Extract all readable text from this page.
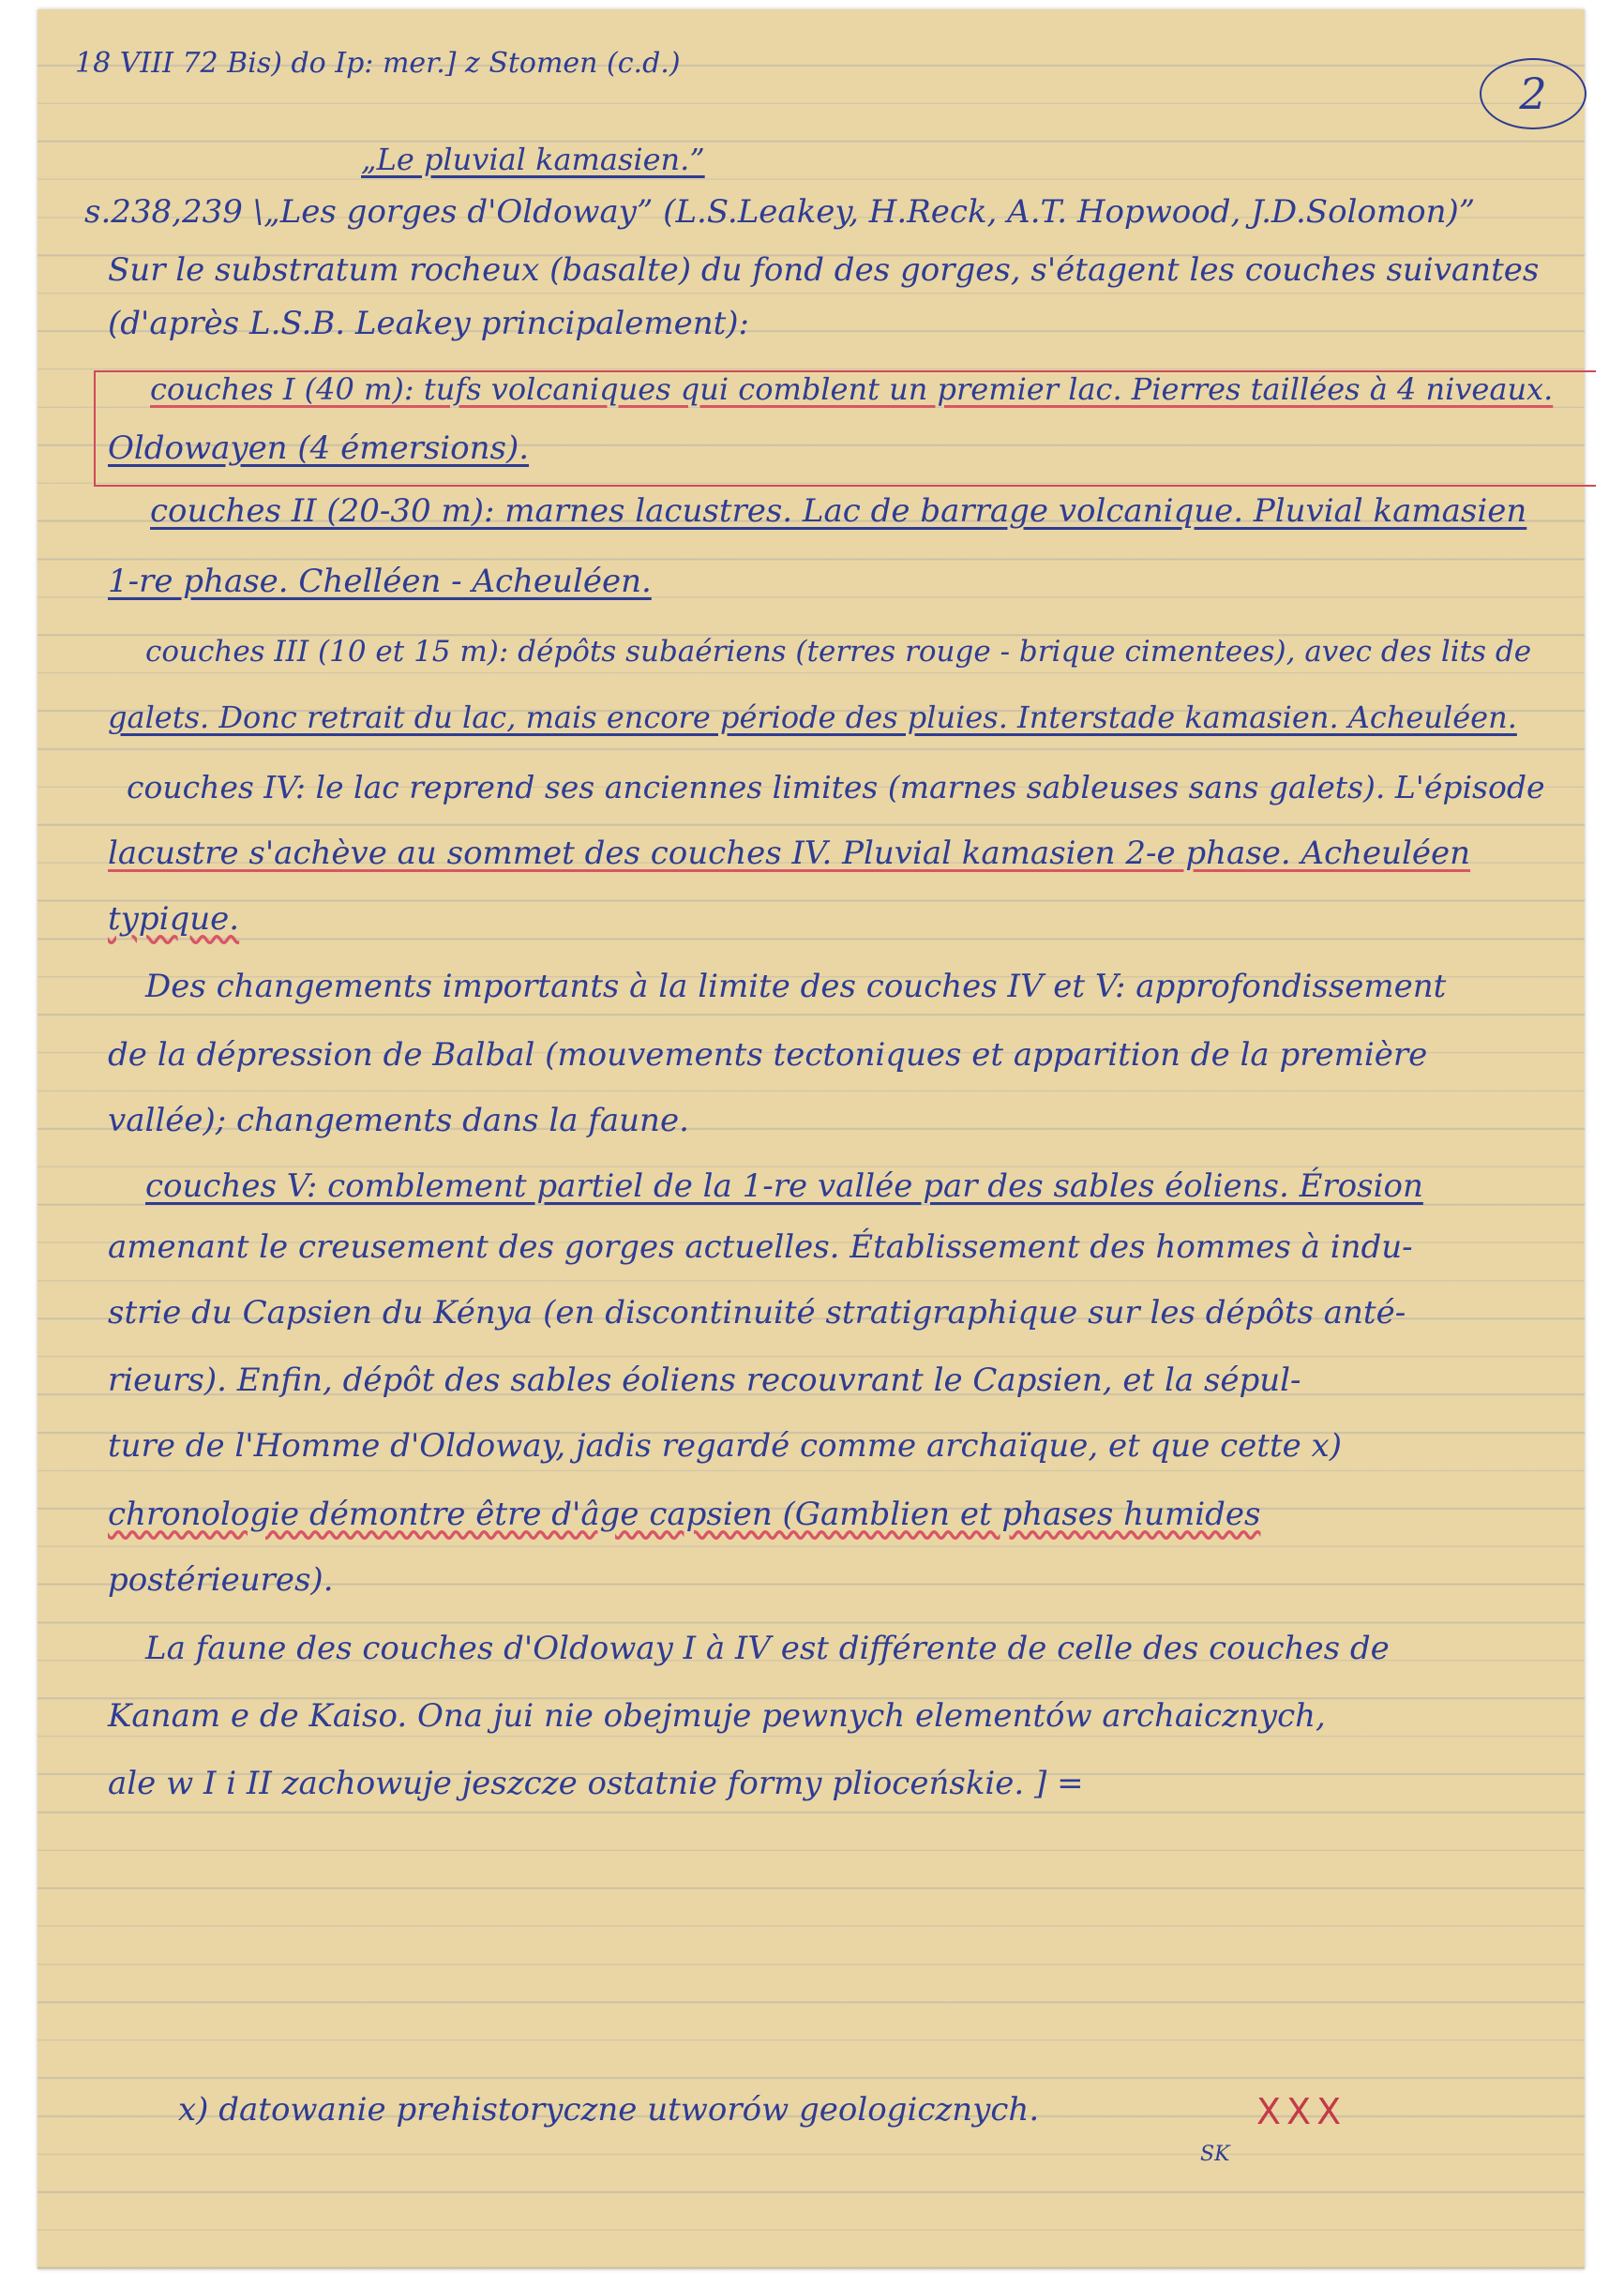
18 VIII 72 Bis) do Ip: mer.] z Stomen (c.d.)
2
„Le pluvial kamasien.”
s.238,239 \„Les gorges d'Oldoway” (L.S.Leakey, H.Reck, A.T. Hopwood, J.D.Solomon)”
Sur le substratum rocheux (basalte) du fond des gorges, s'étagent les couches suivantes
(d'après L.S.B. Leakey principalement):
couches I (40 m): tufs volcaniques qui comblent un premier lac. Pierres taillées à 4 niveaux.
Oldowayen (4 émersions).
couches II (20-30 m): marnes lacustres. Lac de barrage volcanique. Pluvial kamasien
1-re phase. Chelléen - Acheuléen.
couches III (10 et 15 m): dépôts subaériens (terres rouge - brique cimentees), avec des lits de
galets. Donc retrait du lac, mais encore période des pluies. Interstade kamasien. Acheuléen.
couches IV: le lac reprend ses anciennes limites (marnes sableuses sans galets). L'épisode
lacustre s'achève au sommet des couches IV. Pluvial kamasien 2-e phase. Acheuléen
typique.
Des changements importants à la limite des couches IV et V: approfondissement
de la dépression de Balbal (mouvements tectoniques et apparition de la première
vallée); changements dans la faune.
couches V: comblement partiel de la 1-re vallée par des sables éoliens. Érosion
amenant le creusement des gorges actuelles. Établissement des hommes à indu-
strie du Capsien du Kénya (en discontinuité stratigraphique sur les dépôts anté-
rieurs). Enfin, dépôt des sables éoliens recouvrant le Capsien, et la sépul-
ture de l'Homme d'Oldoway, jadis regardé comme archaïque, et que cette x)
chronologie démontre être d'âge capsien (Gamblien et phases humides
postérieures).
La faune des couches d'Oldoway I à IV est différente de celle des couches de
Kanam e de Kaiso. Ona jui nie obejmuje pewnych elementów archaicznych,
ale w I i II zachowuje jeszcze ostatnie formy plioceńskie. ] =
x) datowanie prehistoryczne utworów geologicznych.	XXX
SK
